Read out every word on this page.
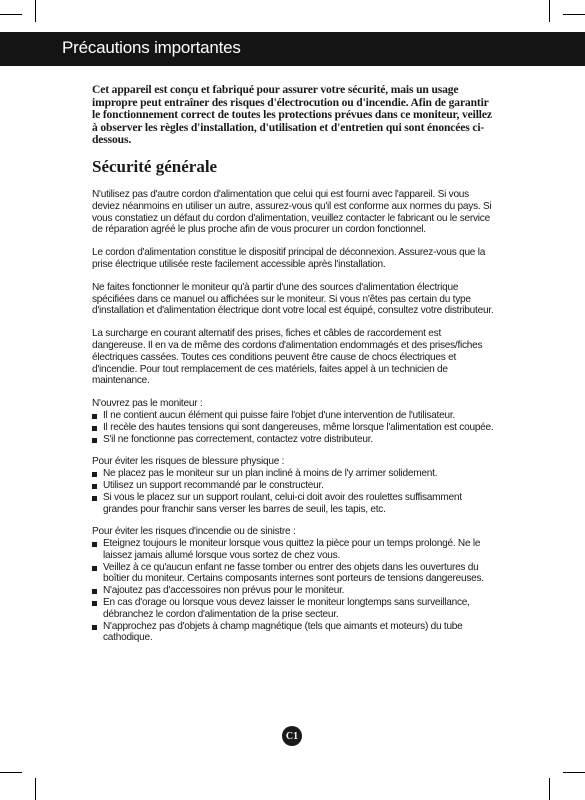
Précautions importantes

Cet appareil est conçu et fabriqué pour assurer votre sécurité, mais un usage impropre peut entraîner des risques d'électrocution ou d'incendie. Afin de garantir le fonctionnement correct de toutes les protections prévues dans ce moniteur, veillez à observer les règles d'installation, d'utilisation et d'entretien qui sont énoncées ci-dessous.

Sécurité générale

N'utilisez pas d'autre cordon d'alimentation que celui qui est fourni avec l'appareil. Si vous deviez néanmoins en utiliser un autre, assurez-vous qu'il est conforme aux normes du pays. Si vous constatiez un défaut du cordon d'alimentation, veuillez contacter le fabricant ou le service de réparation agréé le plus proche afin de vous procurer un cordon fonctionnel.

Le cordon d'alimentation constitue le dispositif principal de déconnexion. Assurez-vous que la prise électrique utilisée reste facilement accessible après l'installation.

Ne faites fonctionner le moniteur qu'à partir d'une des sources d'alimentation électrique spécifiées dans ce manuel ou affichées sur le moniteur. Si vous n'êtes pas certain du type d'installation et d'alimentation électrique dont votre local est équipé, consultez votre distributeur.

La surcharge en courant alternatif des prises, fiches et câbles de raccordement est dangereuse. Il en va de même des cordons d'alimentation endommagés et des prises/fiches électriques cassées. Toutes ces conditions peuvent être cause de chocs électriques et d'incendie. Pour tout remplacement de ces matériels, faites appel à un technicien de maintenance.

N'ouvrez pas le moniteur :
Il ne contient aucun élément qui puisse faire l'objet d'une intervention de l'utilisateur.
Il recèle des hautes tensions qui sont dangereuses, même lorsque l'alimentation est coupée.
S'il ne fonctionne pas correctement, contactez votre distributeur.
Pour éviter les risques de blessure physique :
Ne placez pas le moniteur sur un plan incliné à moins de l'y arrimer solidement.
Utilisez un support recommandé par le constructeur.
Si vous le placez sur un support roulant, celui-ci doit avoir des roulettes suffisamment grandes pour franchir sans verser les barres de seuil, les tapis, etc.
Pour éviter les risques d'incendie ou de sinistre :
Eteignez toujours le moniteur lorsque vous quittez la pièce pour un temps prolongé. Ne le laissez jamais allumé lorsque vous sortez de chez vous.
Veillez à ce qu'aucun enfant ne fasse tomber ou entrer des objets dans les ouvertures du boîtier du moniteur. Certains composants internes sont porteurs de tensions dangereuses.
N'ajoutez pas d'accessoires non prévus pour le moniteur.
En cas d'orage ou lorsque vous devez laisser le moniteur longtemps sans surveillance, débranchez le cordon d'alimentation de la prise secteur.
N'approchez pas d'objets à champ magnétique (tels que aimants et moteurs) du tube cathodique.
C1
